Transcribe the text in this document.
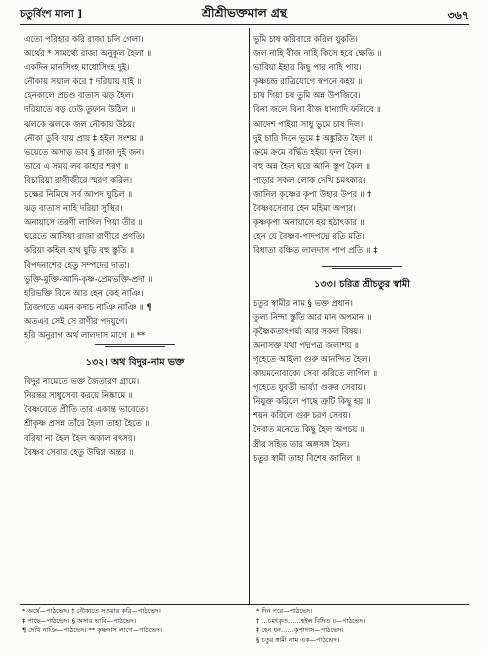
চতুর্বিংশ মালা ]	শ্রীশ্রীভক্তমাল গ্রন্থ	৩৬৭
এতো পরিহার করি রাজা চলি গেলা।
অর্থের * সামর্থ্যে রাজা অনুকূল হৈলা ॥
একদিন মানসিংহ মাধোসিংহ দুই।
নৌকায় সয়াল করে † দরিয়ায় যাই ॥
হেনকালে প্রচণ্ড বাতাস ঝড় হৈল।
দরিয়াতে বড় ঢেউ তুফান উঠিল ॥
ঝলকে ঝলকে জল নৌকায় উঠয়।
নৌকা ডুবি যায় প্রায় ‡ হইল সংশয় ॥
ভয়েতে অসাড় ভাব § রাজা দুই জন।
ভাবে এ সময় লব কাহার শরণ ॥
বিচারিয়া রাণীজীরে স্মরণ করিল।
চক্ষের নিমিষে সর্ব আপদ ঘুচিল ॥
ঝড় বাতাস নাহি দরিয়া সুস্থির।
অনায়াসে তরণী লাগিল গিয়া তীর ॥
ঘরেতে আসিয়া রাজা রাণীরে প্রণতি।
করিয়া কহিল হাথ যুড়ি বহু স্তুতি ॥
বিপদনাশের হেতু সম্পদের দাতা।
ভুক্তি-মুক্তি-আদি-কৃষ্ণ-প্রেমভক্তি-প্রদা ॥
হরিভক্তি বিনে আর হেন কেহ নাঞি।
ত্রিজগতে এমন কদাচ নাঞি নাঞি ॥ ¶
অতএব সেই সে রাণীর পদযুগে।
হরি অনুরাগ অর্থ লালদাস মাগে ॥ **
১৩২। অথ বিদুর-নাম ভক্ত
বিদুর নামেতে ভক্ত জৈতারণ গ্রামে।
নিরন্তর সাধুসেবা করয়ে নিষ্কামে ॥
বৈষ্ণবেতে প্রীতি তার একান্ত ভাবেতে।
শ্রীকৃষ্ণ প্রসন্ন তাঁরে হৈলা তাহা হৈতে ॥
বরিষা না হৈল হৈল অকাল বৎসর।
বৈষ্ণব সেবার হেতু উদ্বিগ্ন অন্তর ॥
ভূমি চাষ করিবারে করিল যুকতি।
জল নাহি বীজ নাহি কিসে হবে ক্ষেতি ॥
ভাবিয়া ইহার কিছু পার নাহি পায়।
কৃষ্ণচন্দ্র রাত্রিযোগে স্বপনে কহয় ॥
চাষ গিয়া চষ তুমি অন্ন উপজিবে।
বিনা জলে বিনা বীজ ধান্যাদি ফলিবে ॥
আদেশ পাইয়া সাধু ভুমে চাষ দিল।
দুই চারি দিনে ভূমে ‡ অঙ্কুরিত হৈল ॥
ক্রমে ক্রমে বর্দ্ধিত হইয়া ফল হৈল।
বহু অন্ন হৈল ঘরে আনি স্তূপ কৈল ॥
পাড়ার সকল লোক দেখি চমৎকার।
জানিল কৃষ্ণের কৃপা উহার উপর ॥ †
বৈষ্ণবসেবার হেন মহিমা অপার।
কৃষ্ণকৃপা অনায়াসে হয় হঠাৎকার ॥
হেন যে বৈষ্ণব-পাদপদ্মে রতি মতি।
বিধাতা বঞ্চিত লালদাস পাপ প্রতি ॥ ‡
১৩৩। চরিত্র শ্রীচতুর স্বামী
চতুর স্বামীর নাম § ভক্ত প্রধান।
তুল্য নিন্দা স্তুতি আর মান অপমান ॥
কৃষ্ণৈকতাৎপর্য্য আর সকল বিষয়।
অনাসক্ত যথা পদ্মপত্র জলাশয় ॥
গৃহেতে আইলা গুরু আনন্দিত হৈল।
কায়মনোবাক্যে সেবা করিতে লাগিল ॥
গৃহেতে যুবতী ভার্য্যা গুরুর সেবায়।
নিযুক্ত করিলে পাছে ত্রুটি কিছু হয় ॥
শয়ন করিলে গুরু চরণ সেবয়।
দৈবাত মনেতে কিছু হৈল অপচয় ॥
স্ত্রীর সহিত তার অঙ্গসঙ্গ হৈল।
চতুর স্বামী তাহা বিশেষ জানিল ॥
* অর্থে—পাঠভেদ। † নৌকাতে সওয়ার করি—পাঠভেদ।
‡ পাছে—পাঠভেদ। § অসার ভাবি—পাঠভেদ।
¶ দেখি নাঞি—পাঠভেদ। ** কৃষ্ণদাস লাগে—পাঠভেদ।
* দিন পরে—পাঠভেদ।
† …চমৎকৃত……হইল বিদিত ॥—পাঠভেদ।
‡ হেন ধন……কৃপাদাস—পাঠভেদ।
§ চতুর স্বামী নাম এক—পাঠভেদ।
